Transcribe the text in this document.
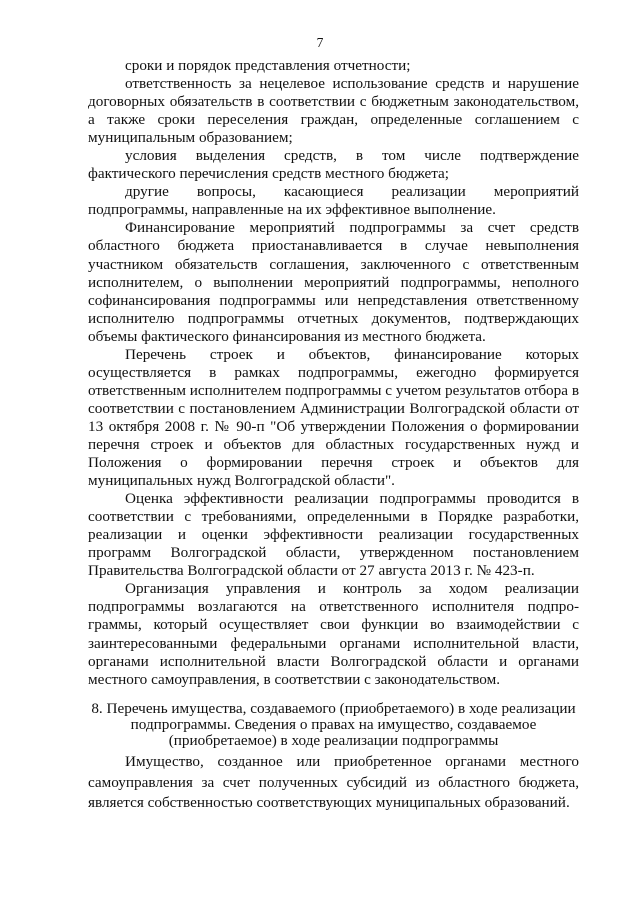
7

сроки и порядок представления отчетности;

ответственность за нецелевое использование средств и нарушение договорных обязательств в соответствии с бюджетным законодательством, а также сроки переселения граждан, определенные соглашением с муниципальным образованием;

условия выделения средств, в том числе подтверждение фактического перечисления средств местного бюджета;

другие вопросы, касающиеся реализации мероприятий подпрограммы, направленные на их эффективное выполнение.

Финансирование мероприятий подпрограммы за счет средств областного бюджета приостанавливается в случае невыполнения участником обязательств соглашения, заключенного с ответственным исполнителем, о выполнении мероприятий подпрограммы, неполного софинансирования подпрограммы или непредставления ответственному исполнителю подпрограммы отчетных документов, подтверждающих объемы фактического финансирования из местного бюджета.

Перечень строек и объектов, финансирование которых осуществляется в рамках подпрограммы, ежегодно формируется ответственным исполнителем подпрограммы с учетом результатов отбора в соответствии с постановлением Администрации Волгоградской области от 13 октября 2008 г. № 90-п "Об утверждении Положения о формировании перечня строек и объектов для областных государственных нужд и Положения о формировании перечня строек и объектов для муниципальных нужд Волгоградской области".

Оценка эффективности реализации подпрограммы проводится в соответствии с требованиями, определенными в Порядке разработки, реализации и оценки эффективности реализации государственных программ Волгоградской области, утвержденном постановлением Правительства Волгоградской области от 27 августа 2013 г. № 423-п.

Организация управления и контроль за ходом реализации подпрограммы возлагаются на ответственного исполнителя подпрограммы, который осуществляет свои функции во взаимодействии с заинтересованными федеральными органами исполнительной власти, органами исполнительной власти Волгоградской области и органами местного самоуправления, в соответствии с законодательством.

8. Перечень имущества, создаваемого (приобретаемого) в ходе реализации подпрограммы. Сведения о правах на имущество, создаваемое (приобретаемое) в ходе реализации подпрограммы

Имущество, созданное или приобретенное органами местного самоуправления за счет полученных субсидий из областного бюджета, является собственностью соответствующих муниципальных образований.
